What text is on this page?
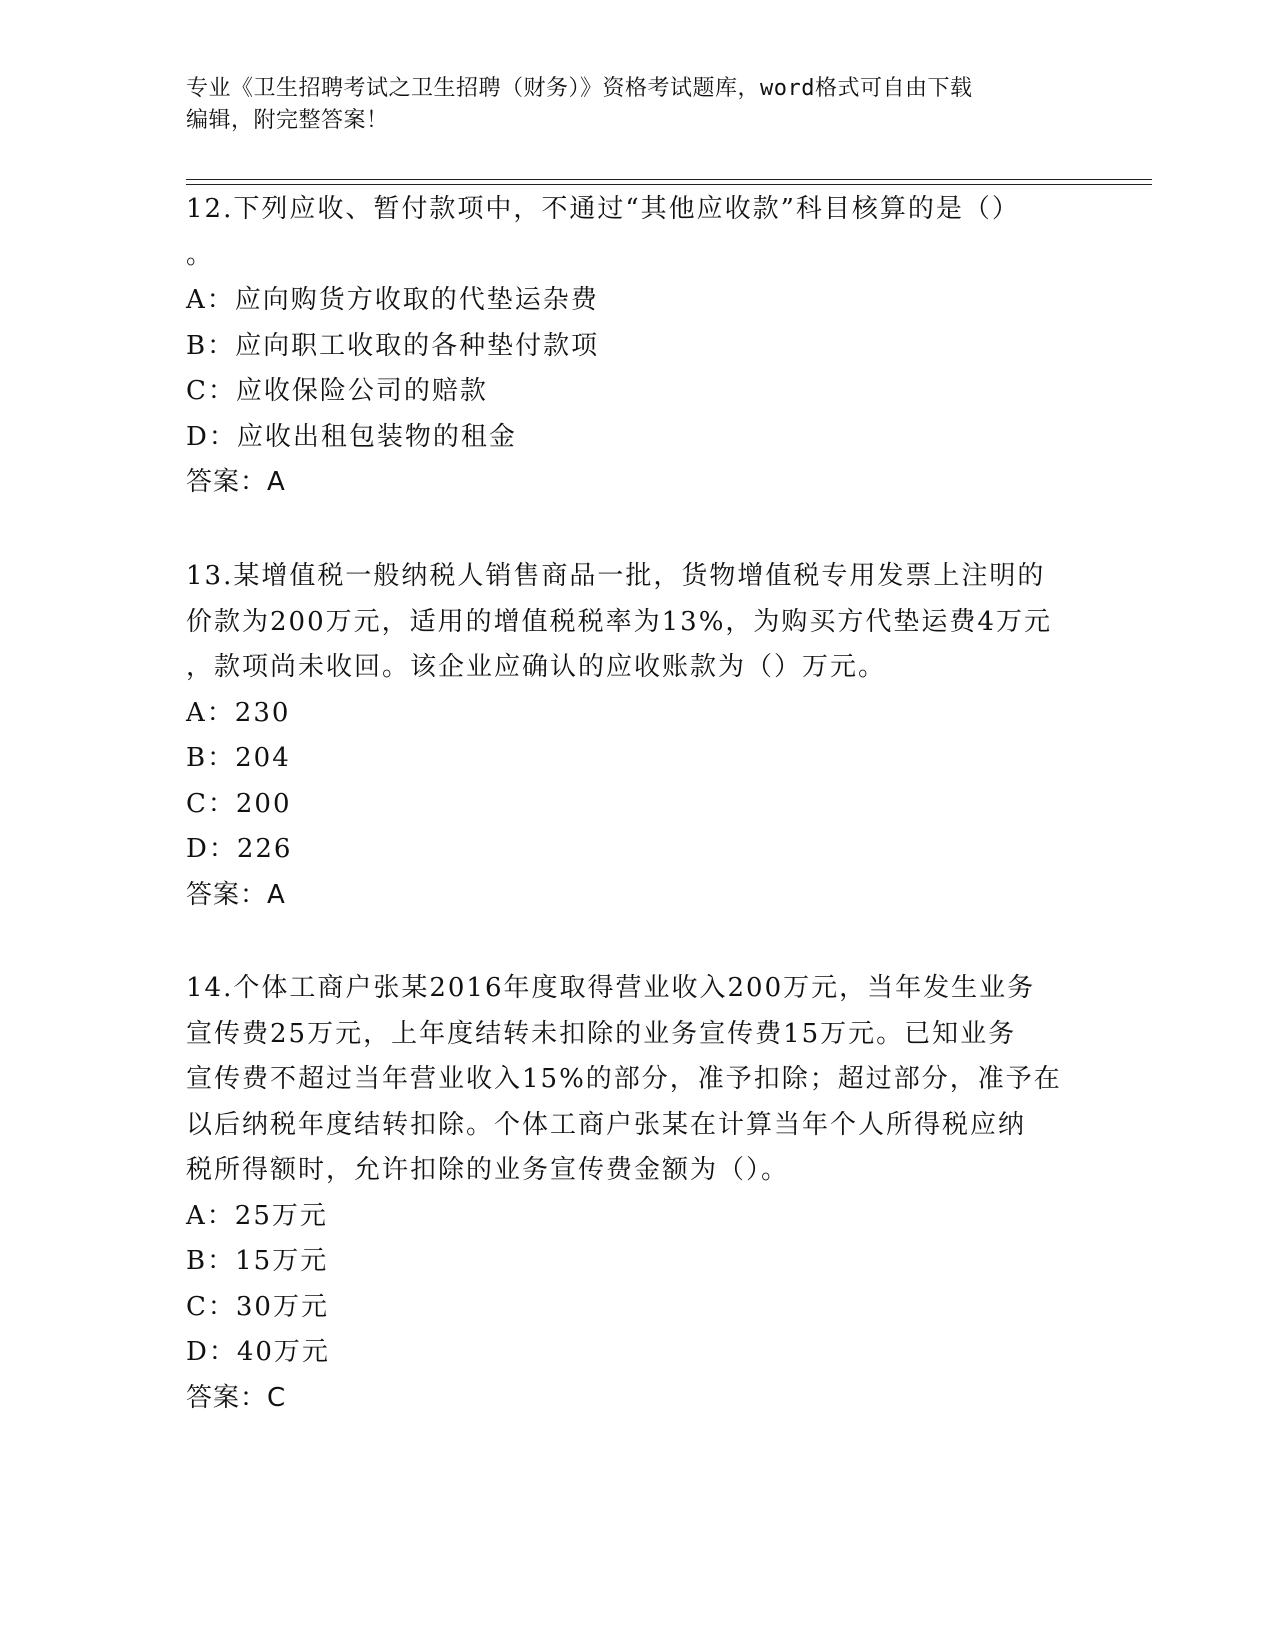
专业《卫生招聘考试之卫生招聘（财务）》资格考试题库，word格式可自由下载
编辑，附完整答案！
12.下列应收、暂付款项中，不通过“其他应收款”科目核算的是（）
。
A：应向购货方收取的代垫运杂费
B：应向职工收取的各种垫付款项
C：应收保险公司的赔款
D：应收出租包装物的租金
答案：A
13.某增值税一般纳税人销售商品一批，货物增值税专用发票上注明的
价款为200万元，适用的增值税税率为13%，为购买方代垫运费4万元
，款项尚未收回。该企业应确认的应收账款为（）万元。
A：230
B：204
C：200
D：226
答案：A
14.个体工商户张某2016年度取得营业收入200万元，当年发生业务
宣传费25万元，上年度结转未扣除的业务宣传费15万元。已知业务
宣传费不超过当年营业收入15%的部分，准予扣除；超过部分，准予在
以后纳税年度结转扣除。个体工商户张某在计算当年个人所得税应纳
税所得额时，允许扣除的业务宣传费金额为（）。
A：25万元
B：15万元
C：30万元
D：40万元
答案：C
